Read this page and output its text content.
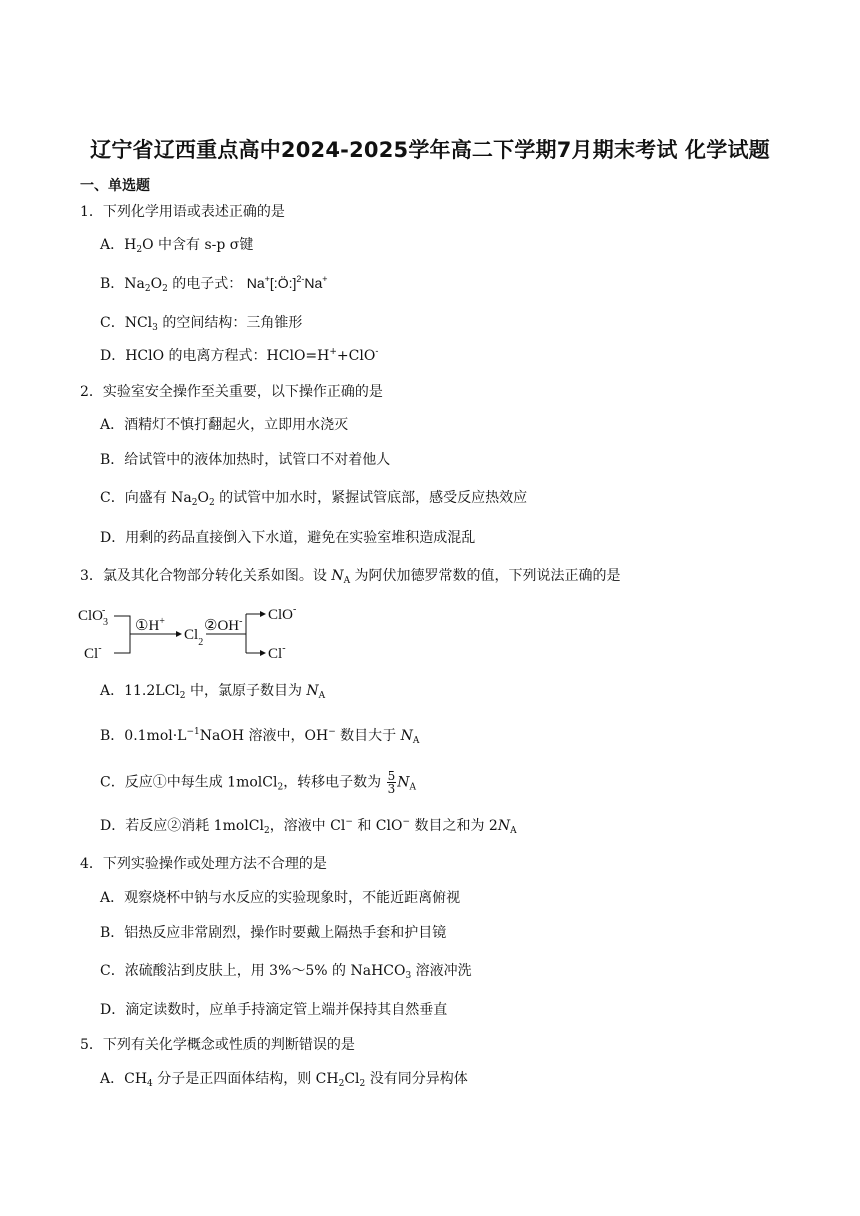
辽宁省辽西重点高中2024-2025学年高二下学期7月期末考试 化学试题
一、单选题
1．下列化学用语或表述正确的是
A．$H_2O$ 中含有 s-p σ键
B．$Na_2O_2$ 的电子式： Na+[:Ö:]$^{2-}$Na+
C．NCl$_3$ 的空间结构：三角锥形
D．HClO 的电离方程式：HClO=H++ClO-
2．实验室安全操作至关重要，以下操作正确的是
A．酒精灯不慎打翻起火，立即用水浇灭
B．给试管中的液体加热时，试管口不对着他人
C．向盛有 $Na_2O_2$ 的试管中加水时，紧握试管底部，感受反应热效应
D．用剩的药品直接倒入下水道，避免在实验室堆积造成混乱
3．氯及其化合物部分转化关系如图。设 $N_A$ 为阿伏加德罗常数的值，下列说法正确的是
ClO$_3$-
Cl-
①H+
$Cl_2$
②OH- ClO-
Cl-
A．11.2LCl$_2$ 中，氯原子数目为 $N_A$
B．$0.1mol\cdot L^{-1}NaOH$ 溶液中，OH− 数目大于 $N_A$
C．反应①中每生成 1molCl$_2$，转移电子数为 $\frac{5}{3} N_A$
D．若反应②消耗 1molCl$_2$，溶液中 Cl− 和 ClO− 数目之和为 $2N_A$
4．下列实验操作或处理方法不合理的是
A．观察烧杯中钠与水反应的实验现象时，不能近距离俯视
B．铝热反应非常剧烈，操作时要戴上隔热手套和护目镜
C．浓硫酸沾到皮肤上，用 3%～5% 的 NaHCO$_3$ 溶液冲洗
D．滴定读数时，应单手持滴定管上端并保持其自然垂直
5．下列有关化学概念或性质的判断错误的是
A．$CH_4$ 分子是正四面体结构，则 $CH_2Cl_2$ 没有同分异构体
